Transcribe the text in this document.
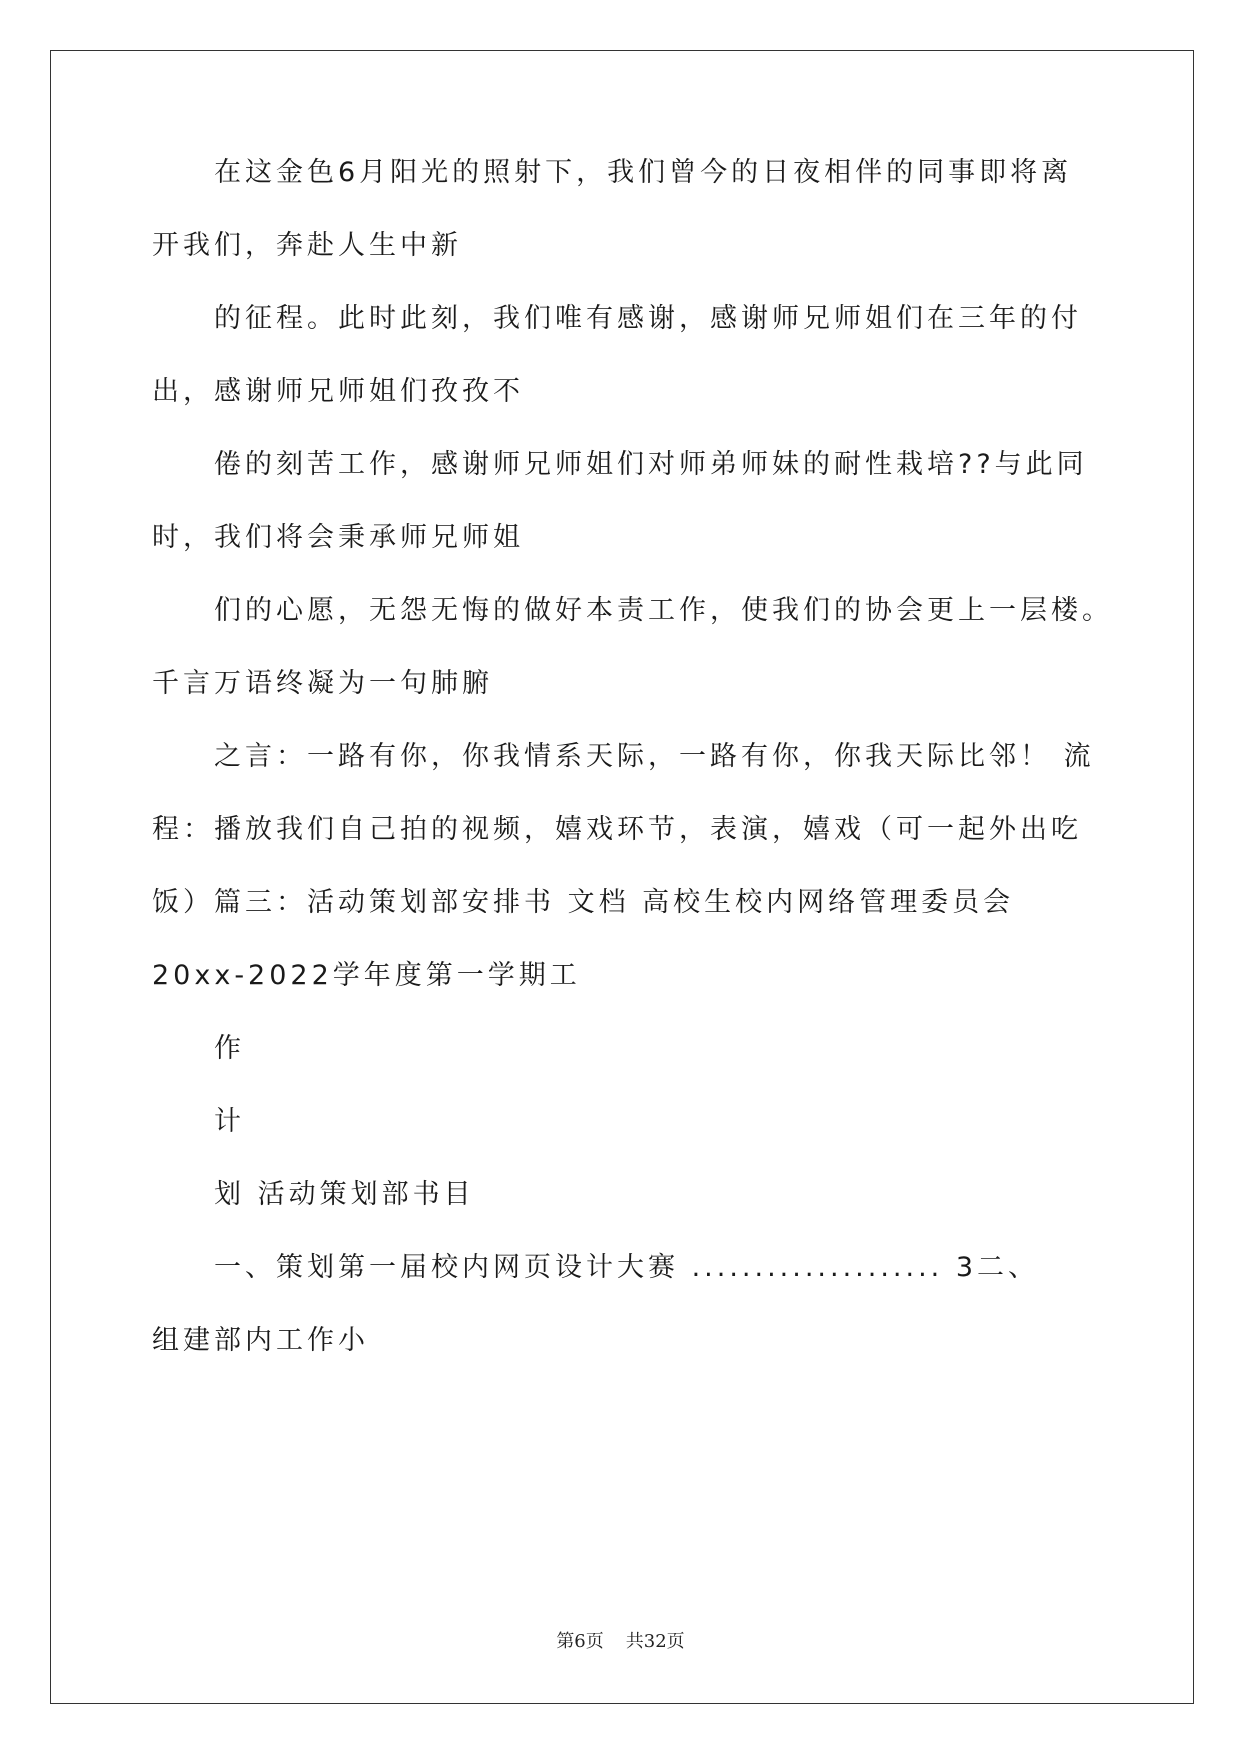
在这金色6月阳光的照射下，我们曾今的日夜相伴的同事即将离
开我们，奔赴人生中新
的征程。此时此刻，我们唯有感谢，感谢师兄师姐们在三年的付
出，感谢师兄师姐们孜孜不
倦的刻苦工作，感谢师兄师姐们对师弟师妹的耐性栽培??与此同
时，我们将会秉承师兄师姐
们的心愿，无怨无悔的做好本责工作，使我们的协会更上一层楼。
千言万语终凝为一句肺腑
之言：一路有你，你我情系天际，一路有你，你我天际比邻！ 流
程：播放我们自己拍的视频，嬉戏环节，表演，嬉戏（可一起外出吃
饭）篇三：活动策划部安排书 文档 高校生校内网络管理委员会
20xx-2022学年度第一学期工
作
计
划 活动策划部书目
一、策划第一届校内网页设计大赛 .................... 3二、
组建部内工作小
第6页 共32页
